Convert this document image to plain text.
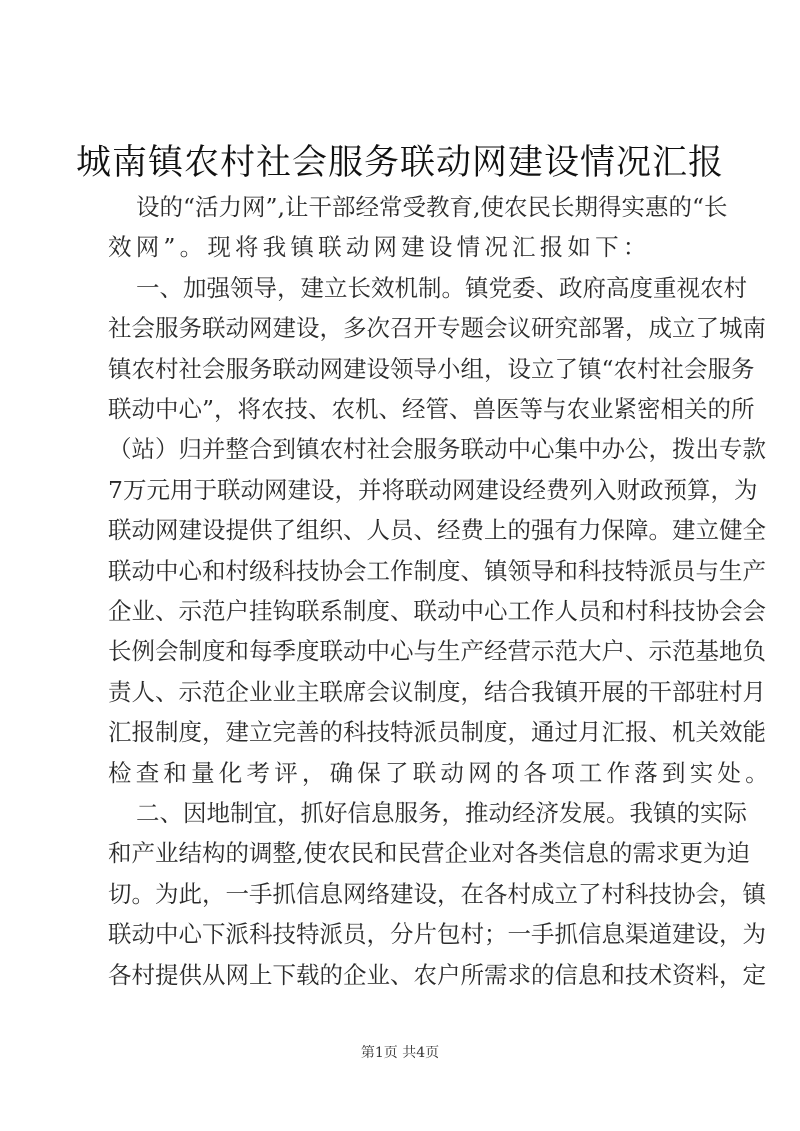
城南镇农村社会服务联动网建设情况汇报
设的“活力网”,让干部经常受教育,使农民长期得实惠的“长
效网”。现将我镇联动网建设情况汇报如下：
一、加强领导，建立长效机制。镇党委、政府高度重视农村
社会服务联动网建设，多次召开专题会议研究部署，成立了城南
镇农村社会服务联动网建设领导小组，设立了镇“农村社会服务
联动中心”，将农技、农机、经管、兽医等与农业紧密相关的所
（站）归并整合到镇农村社会服务联动中心集中办公，拨出专款
7万元用于联动网建设，并将联动网建设经费列入财政预算，为
联动网建设提供了组织、人员、经费上的强有力保障。建立健全
联动中心和村级科技协会工作制度、镇领导和科技特派员与生产
企业、示范户挂钩联系制度、联动中心工作人员和村科技协会会
长例会制度和每季度联动中心与生产经营示范大户、示范基地负
责人、示范企业业主联席会议制度，结合我镇开展的干部驻村月
汇报制度，建立完善的科技特派员制度，通过月汇报、机关效能
检查和量化考评，确保了联动网的各项工作落到实处。
二、因地制宜，抓好信息服务，推动经济发展。我镇的实际
和产业结构的调整,使农民和民营企业对各类信息的需求更为迫
切。为此，一手抓信息网络建设，在各村成立了村科技协会，镇
联动中心下派科技特派员，分片包村；一手抓信息渠道建设，为
各村提供从网上下载的企业、农户所需求的信息和技术资料，定
第1页 共4页
